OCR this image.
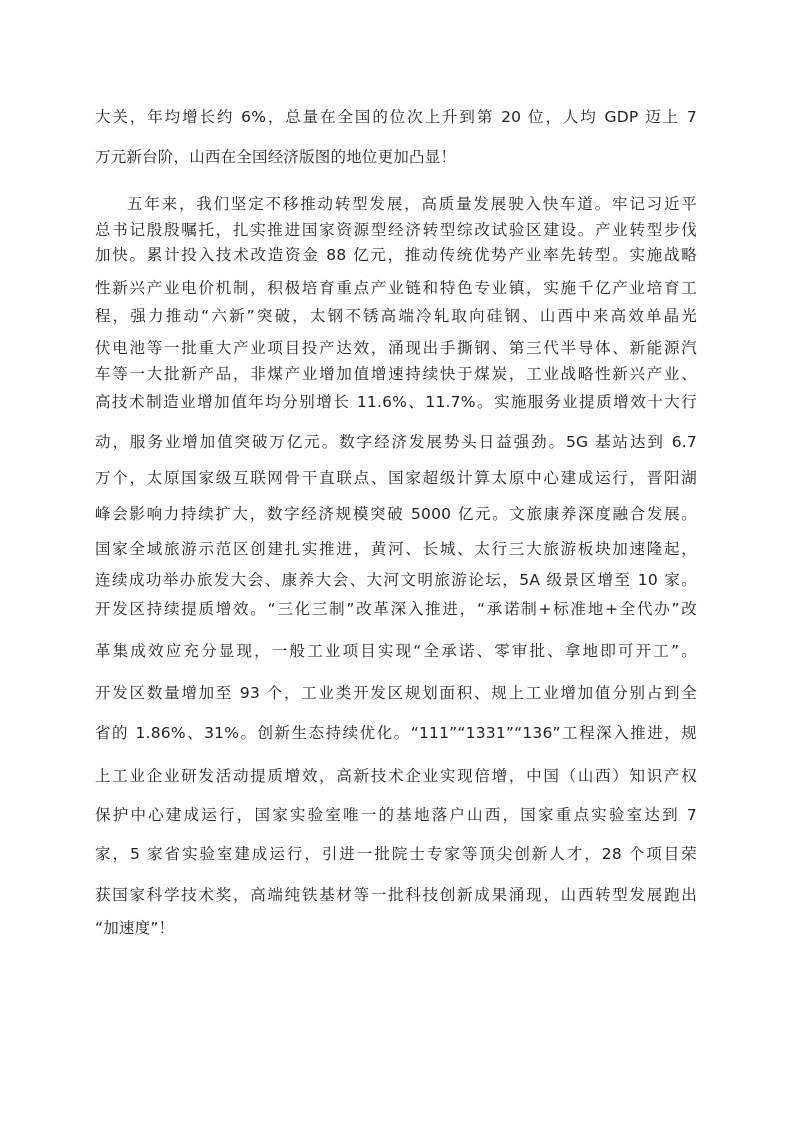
大关，年均增长约 6%，总量在全国的位次上升到第 20 位，人均 GDP 迈上 7
万元新台阶，山西在全国经济版图的地位更加凸显！
五年来，我们坚定不移推动转型发展，高质量发展驶入快车道。牢记习近平
总书记殷殷嘱托，扎实推进国家资源型经济转型综改试验区建设。产业转型步伐
加快。累计投入技术改造资金 88 亿元，推动传统优势产业率先转型。实施战略
性新兴产业电价机制，积极培育重点产业链和特色专业镇，实施千亿产业培育工
程，强力推动“六新”突破，太钢不锈高端冷轧取向硅钢、山西中来高效单晶光
伏电池等一批重大产业项目投产达效，涌现出手撕钢、第三代半导体、新能源汽
车等一大批新产品，非煤产业增加值增速持续快于煤炭，工业战略性新兴产业、
高技术制造业增加值年均分别增长 11.6%、11.7%。实施服务业提质增效十大行
动，服务业增加值突破万亿元。数字经济发展势头日益强劲。5G 基站达到 6.7
万个，太原国家级互联网骨干直联点、国家超级计算太原中心建成运行，晋阳湖
峰会影响力持续扩大，数字经济规模突破 5000 亿元。文旅康养深度融合发展。
国家全域旅游示范区创建扎实推进，黄河、长城、太行三大旅游板块加速隆起，
连续成功举办旅发大会、康养大会、大河文明旅游论坛，5A 级景区增至 10 家。
开发区持续提质增效。“三化三制”改革深入推进，“承诺制+标准地+全代办”改
革集成效应充分显现，一般工业项目实现“全承诺、零审批、拿地即可开工”。
开发区数量增加至 93 个，工业类开发区规划面积、规上工业增加值分别占到全
省的 1.86%、31%。创新生态持续优化。“111”“1331”“136”工程深入推进，规
上工业企业研发活动提质增效，高新技术企业实现倍增，中国（山西）知识产权
保护中心建成运行，国家实验室唯一的基地落户山西，国家重点实验室达到 7
家，5 家省实验室建成运行，引进一批院士专家等顶尖创新人才，28 个项目荣
获国家科学技术奖，高端纯铁基材等一批科技创新成果涌现，山西转型发展跑出
“加速度”！
